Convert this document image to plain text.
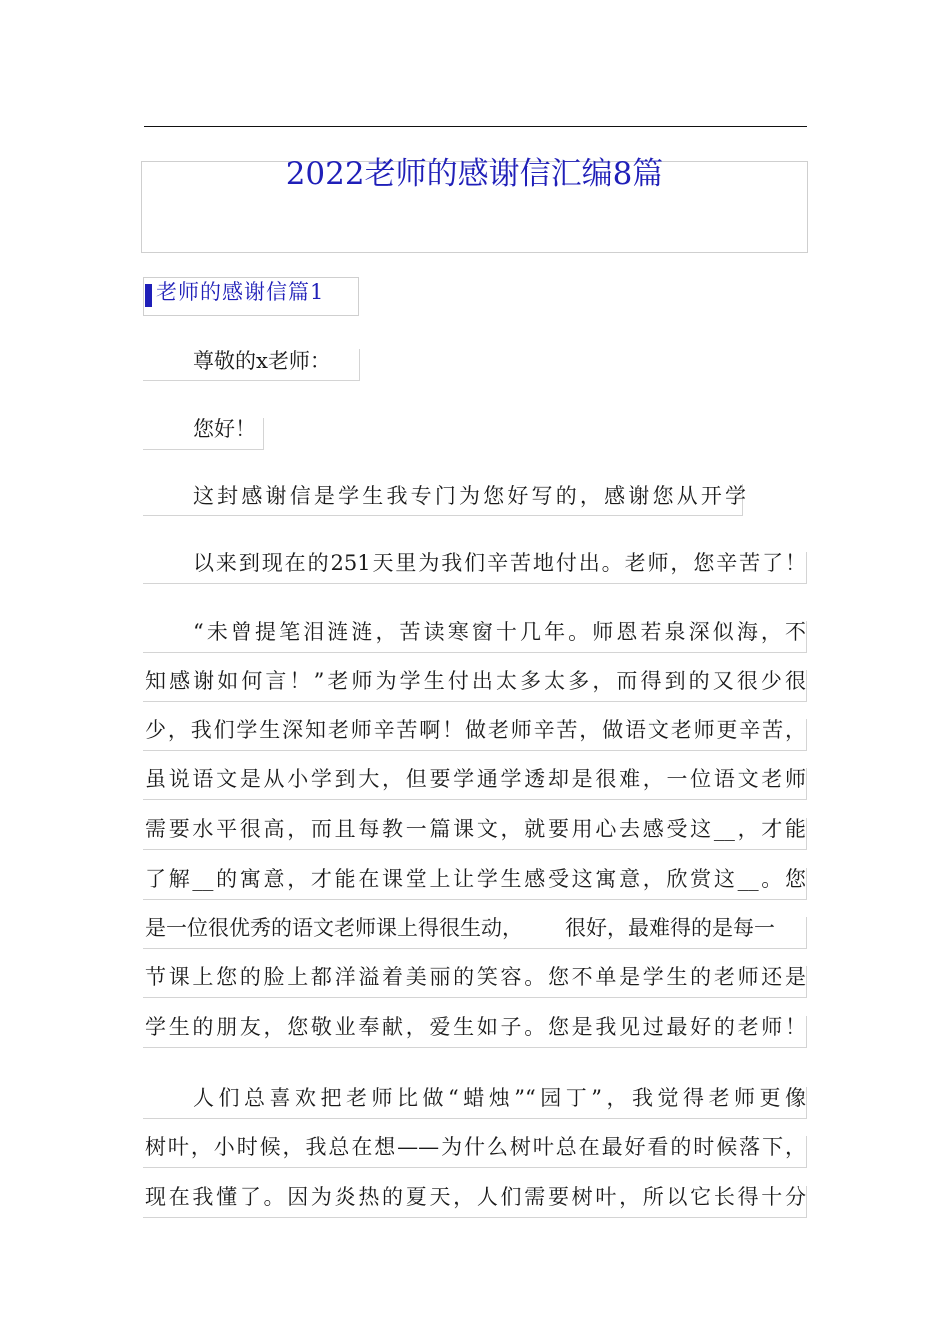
2022老师的感谢信汇编8篇
老师的感谢信篇1
尊敬的x老师：
您好！
这封感谢信是学生我专门为您好写的，感谢您从开学
以来到现在的251天里为我们辛苦地付出。老师，您辛苦了！
“未曾提笔泪涟涟，苦读寒窗十几年。师恩若泉深似海，不
知感谢如何言！”老师为学生付出太多太多，而得到的又很少很
少，我们学生深知老师辛苦啊！做老师辛苦，做语文老师更辛苦，
虽说语文是从小学到大，但要学通学透却是很难，一位语文老师
需要水平很高，而且每教一篇课文，就要用心去感受这__，才能
了解__的寓意，才能在课堂上让学生感受这寓意，欣赏这__。您
是一位很优秀的语文老师课上得很生动， 很好，最难得的是每一
节课上您的脸上都洋溢着美丽的笑容。您不单是学生的老师还是
学生的朋友，您敬业奉献，爱生如子。您是我见过最好的老师！
人们总喜欢把老师比做“蜡烛”“园丁”，我觉得老师更像
树叶，小时候，我总在想——为什么树叶总在最好看的时候落下，
现在我懂了。因为炎热的夏天，人们需要树叶，所以它长得十分
